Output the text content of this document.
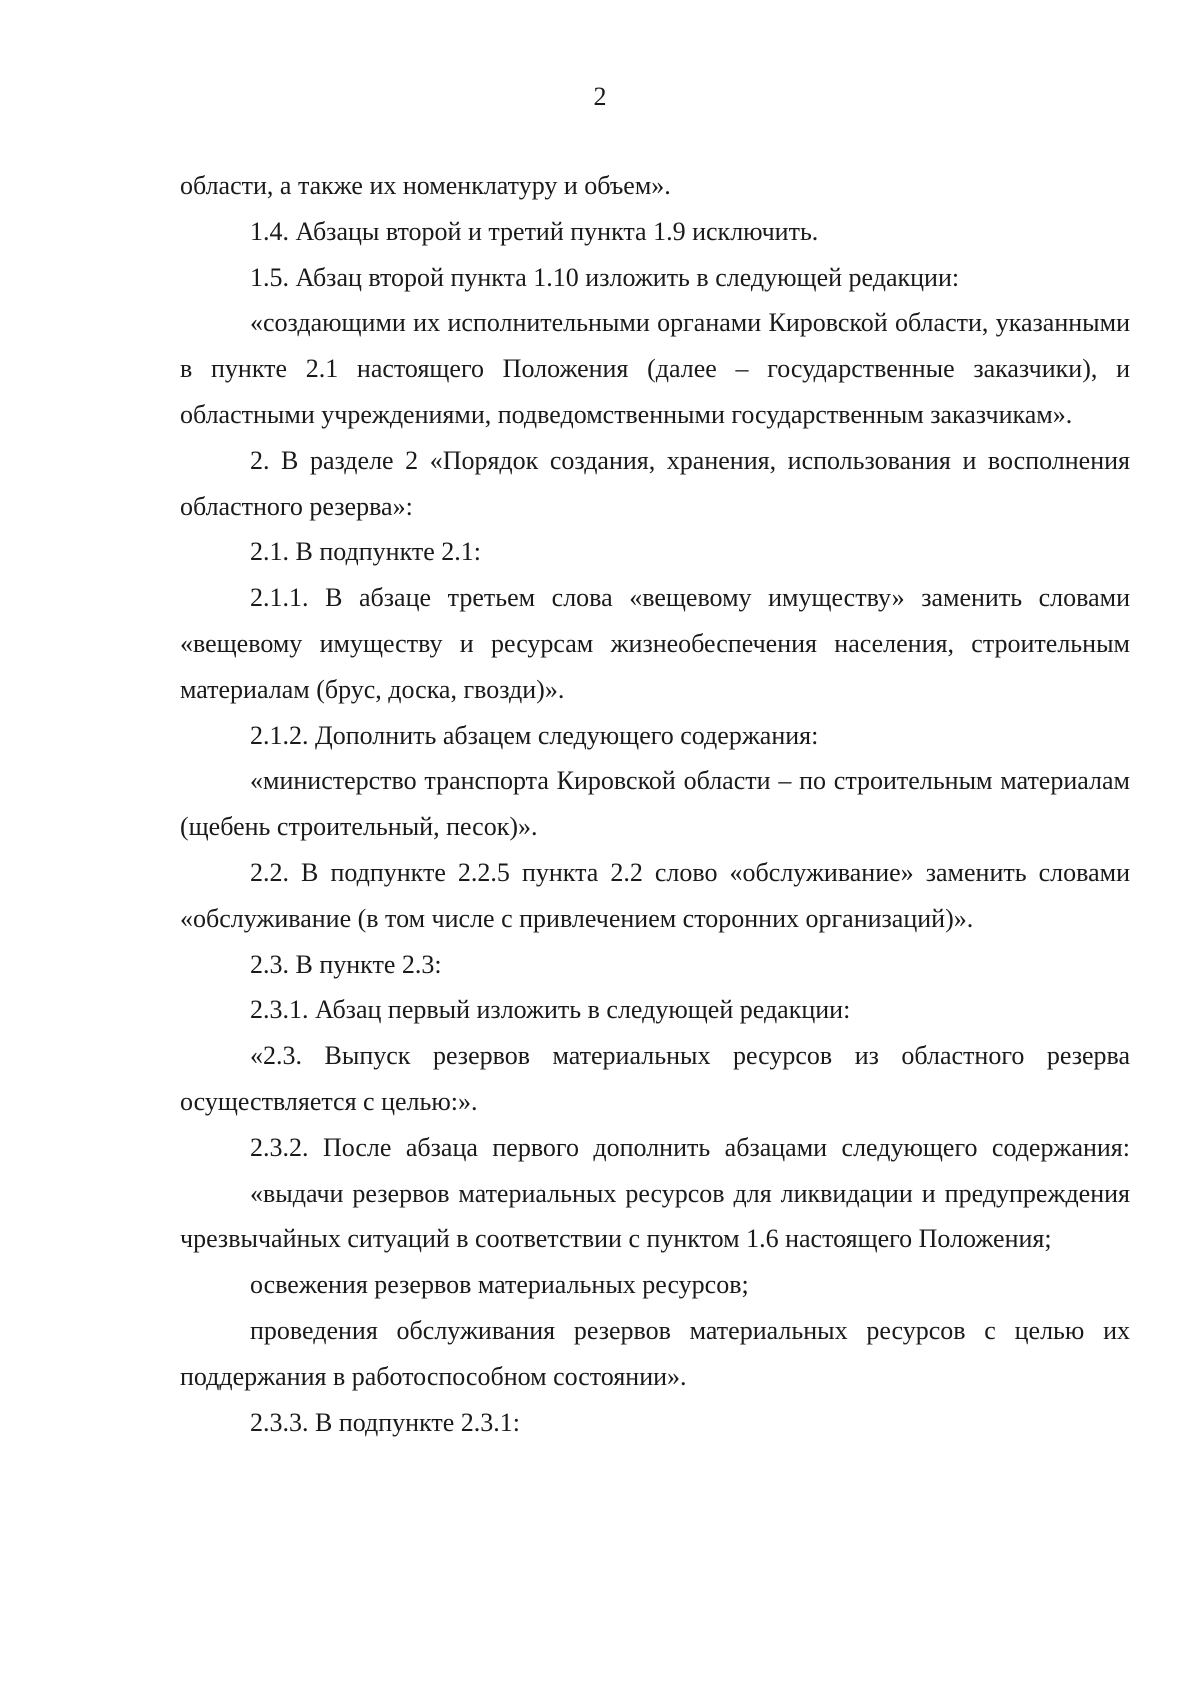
2

области, а также их номенклатуру и объем».

1.4. Абзацы второй и третий пункта 1.9 исключить.

1.5. Абзац второй пункта 1.10 изложить в следующей редакции:

«создающими их исполнительными органами Кировской области, указанными в пункте 2.1 настоящего Положения (далее – государственные заказчики), и областными учреждениями, подведомственными государственным заказчикам».

2. В разделе 2 «Порядок создания, хранения, использования и восполнения областного резерва»:

2.1. В подпункте 2.1:

2.1.1. В абзаце третьем слова «вещевому имуществу» заменить словами «вещевому имуществу и ресурсам жизнеобеспечения населения, строительным материалам (брус, доска, гвозди)».

2.1.2. Дополнить абзацем следующего содержания:

«министерство транспорта Кировской области – по строительным материалам (щебень строительный, песок)».

2.2. В подпункте 2.2.5 пункта 2.2 слово «обслуживание» заменить словами «обслуживание (в том числе с привлечением сторонних организаций)».

2.3. В пункте 2.3:

2.3.1. Абзац первый изложить в следующей редакции:

«2.3. Выпуск резервов материальных ресурсов из областного резерва осуществляется с целью:».

2.3.2. После абзаца первого дополнить абзацами следующего содержания:

«выдачи резервов материальных ресурсов для ликвидации и предупреждения чрезвычайных ситуаций в соответствии с пунктом 1.6 настоящего Положения;

освежения резервов материальных ресурсов;

проведения обслуживания резервов материальных ресурсов с целью их поддержания в работоспособном состоянии».

2.3.3. В подпункте 2.3.1:
